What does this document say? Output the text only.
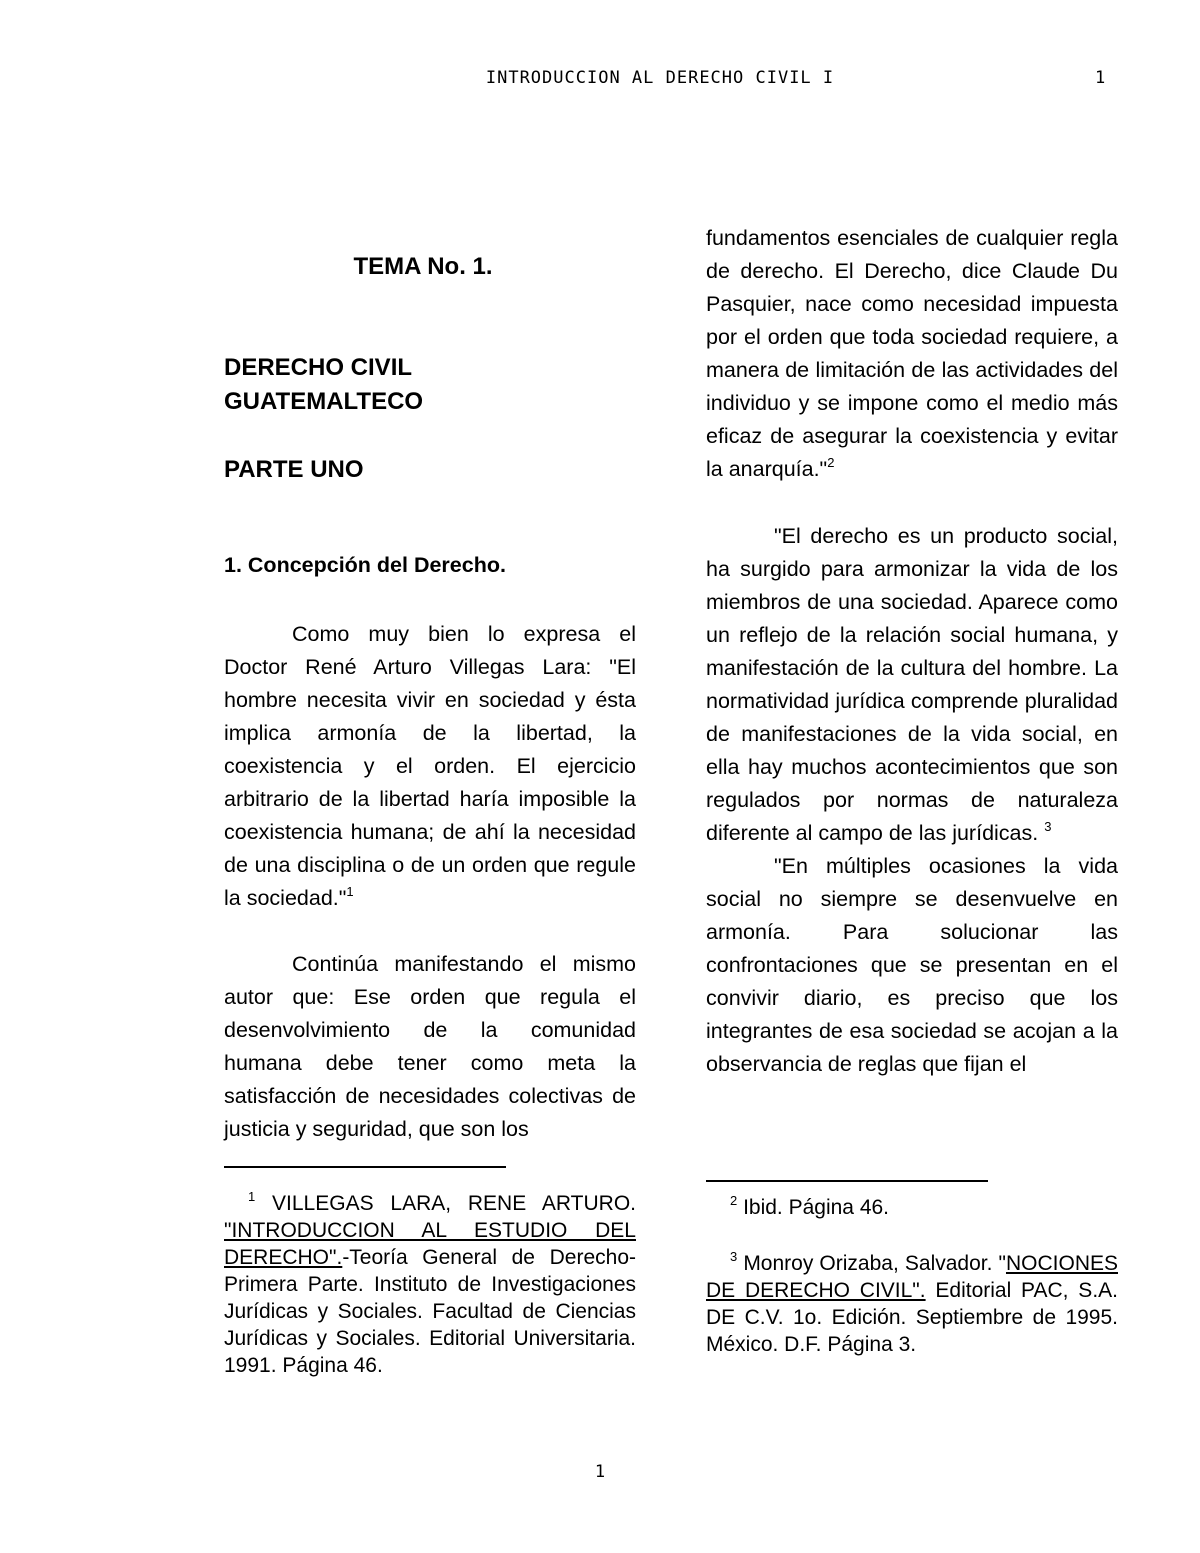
INTRODUCCION AL DERECHO CIVIL I	1
TEMA No. 1.
DERECHO CIVIL
GUATEMALTECO
PARTE UNO
1. Concepción del Derecho.

Como muy bien lo expresa el Doctor René Arturo Villegas Lara: "El hombre necesita vivir en sociedad y ésta implica armonía de la libertad, la coexistencia y el orden. El ejercicio arbitrario de la libertad haría imposible la coexistencia humana; de ahí la necesidad de una disciplina o de un orden que regule la sociedad."$^1$

Continúa manifestando el mismo autor que: Ese orden que regula el desenvolvimiento de la comunidad humana debe tener como meta la satisfacción de necesidades colectivas de justicia y seguridad, que son los

fundamentos esenciales de cualquier regla de derecho. El Derecho, dice Claude Du Pasquier, nace como necesidad impuesta por el orden que toda sociedad requiere, a manera de limitación de las actividades del individuo y se impone como el medio más eficaz de asegurar la coexistencia y evitar la anarquía."$^2$

"El derecho es un producto social, ha surgido para armonizar la vida de los miembros de una sociedad. Aparece como un reflejo de la relación social humana, y manifestación de la cultura del hombre. La normatividad jurídica comprende pluralidad de manifestaciones de la vida social, en ella hay muchos acontecimientos que son regulados por normas de naturaleza diferente al campo de las jurídicas. $^3$

"En múltiples ocasiones la vida social no siempre se desenvuelve en armonía. Para solucionar las confrontaciones que se presentan en el convivir diario, es preciso que los integrantes de esa sociedad se acojan a la observancia de reglas que fijan el

$^1$ VILLEGAS LARA, RENE ARTURO. "INTRODUCCION AL ESTUDIO DEL DERECHO".-Teoría General de Derecho- Primera Parte. Instituto de Investigaciones Jurídicas y Sociales. Facultad de Ciencias Jurídicas y Sociales. Editorial Universitaria. 1991. Página 46.
$^2$ Ibid. Página 46.
$^3$ Monroy Orizaba, Salvador. "NOCIONES DE DERECHO CIVIL". Editorial PAC, S.A. DE C.V. 1o. Edición. Septiembre de 1995. México. D.F. Página 3.
1
